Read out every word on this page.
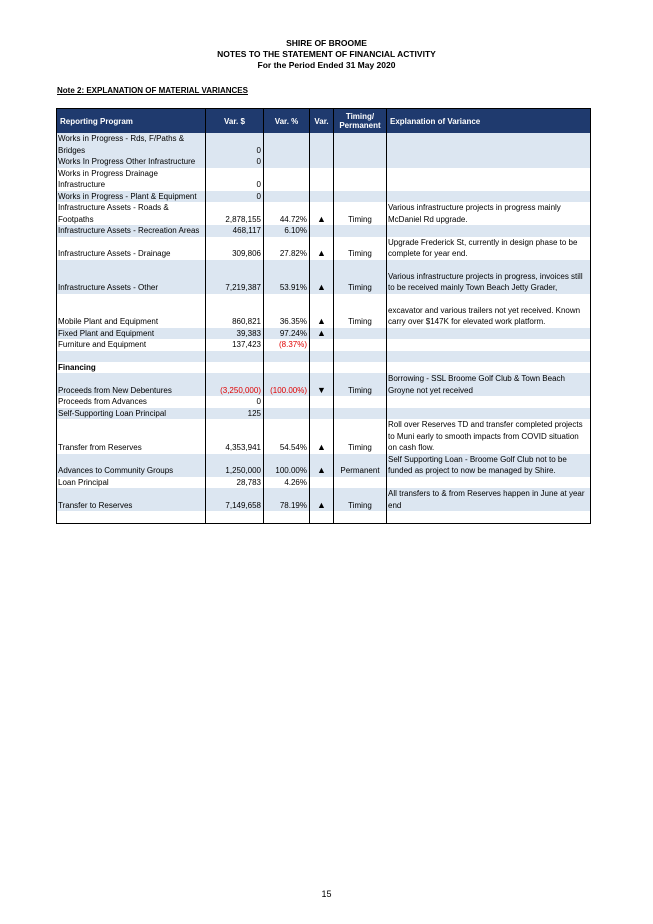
SHIRE OF BROOME
NOTES TO THE STATEMENT OF FINANCIAL ACTIVITY
For the Period Ended 31 May 2020
Note 2: EXPLANATION OF MATERIAL VARIANCES
Reporting Program	Var. $	Var. %	Var.	Timing/ Permanent	Explanation of Variance
Works in Progress - Rds, F/Paths & Bridges	0				
Works In Progress Other Infrastructure	0				
Works in Progress Drainage Infrastructure	0				
Works in Progress - Plant & Equipment	0				
Infrastructure Assets - Roads & Footpaths	2,878,155	44.72%	▲	Timing	Various infrastructure projects in progress mainly McDaniel Rd upgrade.
Infrastructure Assets - Recreation Areas	468,117	6.10%			
Infrastructure Assets - Drainage	309,806	27.82%	▲	Timing	Upgrade Frederick St, currently in design phase to be complete for year end.
Infrastructure Assets - Other	7,219,387	53.91%	▲	Timing	Various infrastructure projects in progress, invoices still to be received mainly Town Beach Jetty Grader,
Mobile Plant and Equipment	860,821	36.35%	▲	Timing	excavator and various trailers not yet received. Known carry over $147K for elevated work platform.
Fixed Plant and Equipment	39,383	97.24%	▲		
Furniture and Equipment	137,423	(8.37%)			

Financing					
Proceeds from New Debentures	(3,250,000)	(100.00%)	▼	Timing	Borrowing - SSL Broome Golf Club & Town Beach Groyne not yet received
Proceeds from Advances	0				
Self-Supporting Loan Principal	125				
Transfer from Reserves	4,353,941	54.54%	▲	Timing	Roll over Reserves TD and transfer completed projects to Muni early to smooth impacts from COVID situation on cash flow.
Advances to Community Groups	1,250,000	100.00%	▲	Permanent	Self Supporting Loan - Broome Golf Club not to be funded as project to now be managed by Shire.
Loan Principal	28,783	4.26%			
Transfer to Reserves	7,149,658	78.19%	▲	Timing	All transfers to & from Reserves happen in June at year end

15
